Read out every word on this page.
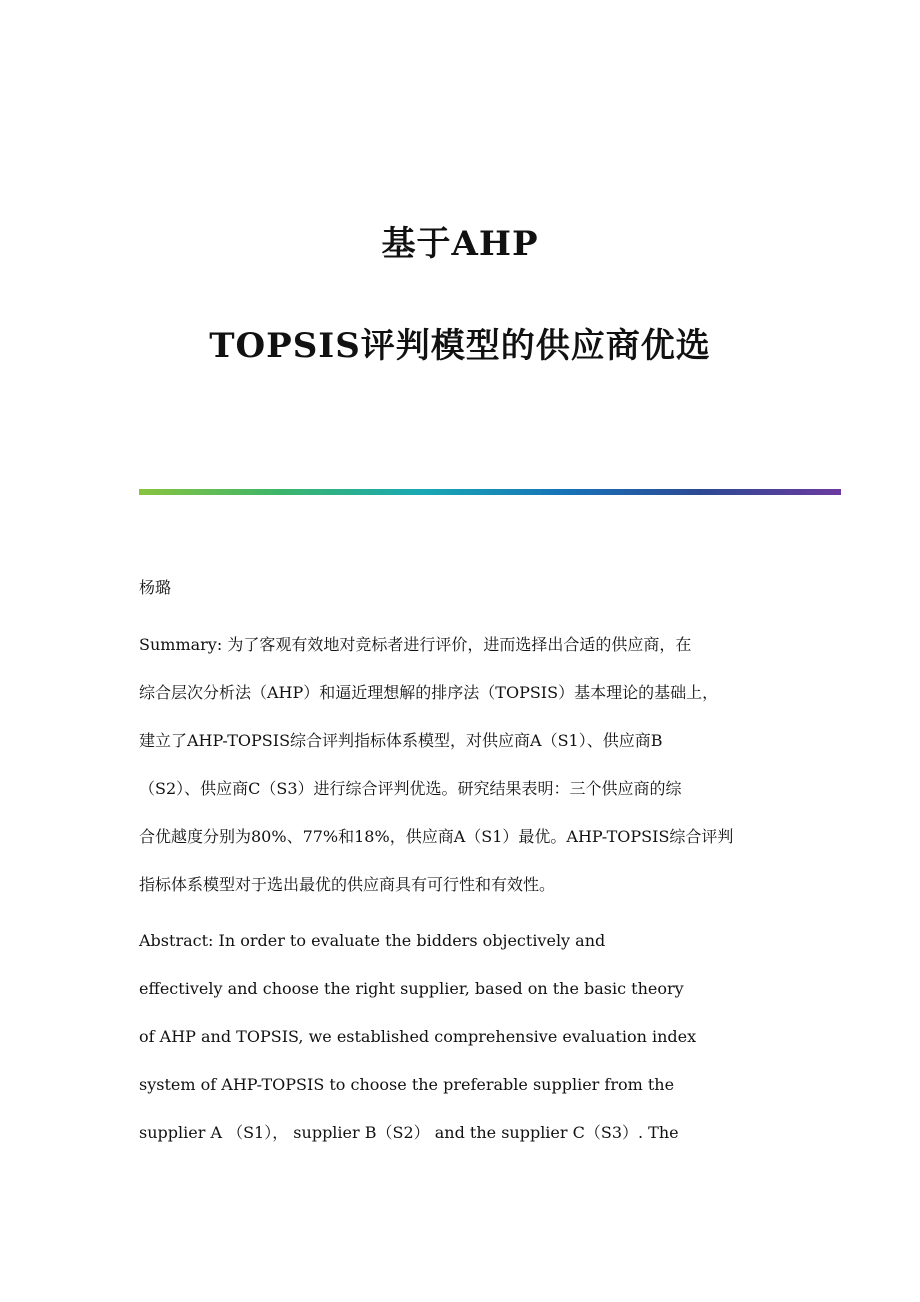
基于AHP
TOPSIS评判模型的供应商优选
杨璐
Summary: 为了客观有效地对竞标者进行评价，进而选择出合适的供应商，在
综合层次分析法（AHP）和逼近理想解的排序法（TOPSIS）基本理论的基础上，
建立了AHP-TOPSIS综合评判指标体系模型，对供应商A（S1）、供应商B
（S2）、供应商C（S3）进行综合评判优选。研究结果表明：三个供应商的综
合优越度分别为80%、77%和18%，供应商A（S1）最优。AHP-TOPSIS综合评判
指标体系模型对于选出最优的供应商具有可行性和有效性。
Abstract: In order to evaluate the bidders objectively and
effectively and choose the right supplier, based on the basic theory
of AHP and TOPSIS, we established comprehensive evaluation index
system of AHP-TOPSIS to choose the preferable supplier from the
supplier A （S1）， supplier B（S2） and the supplier C（S3）. The
